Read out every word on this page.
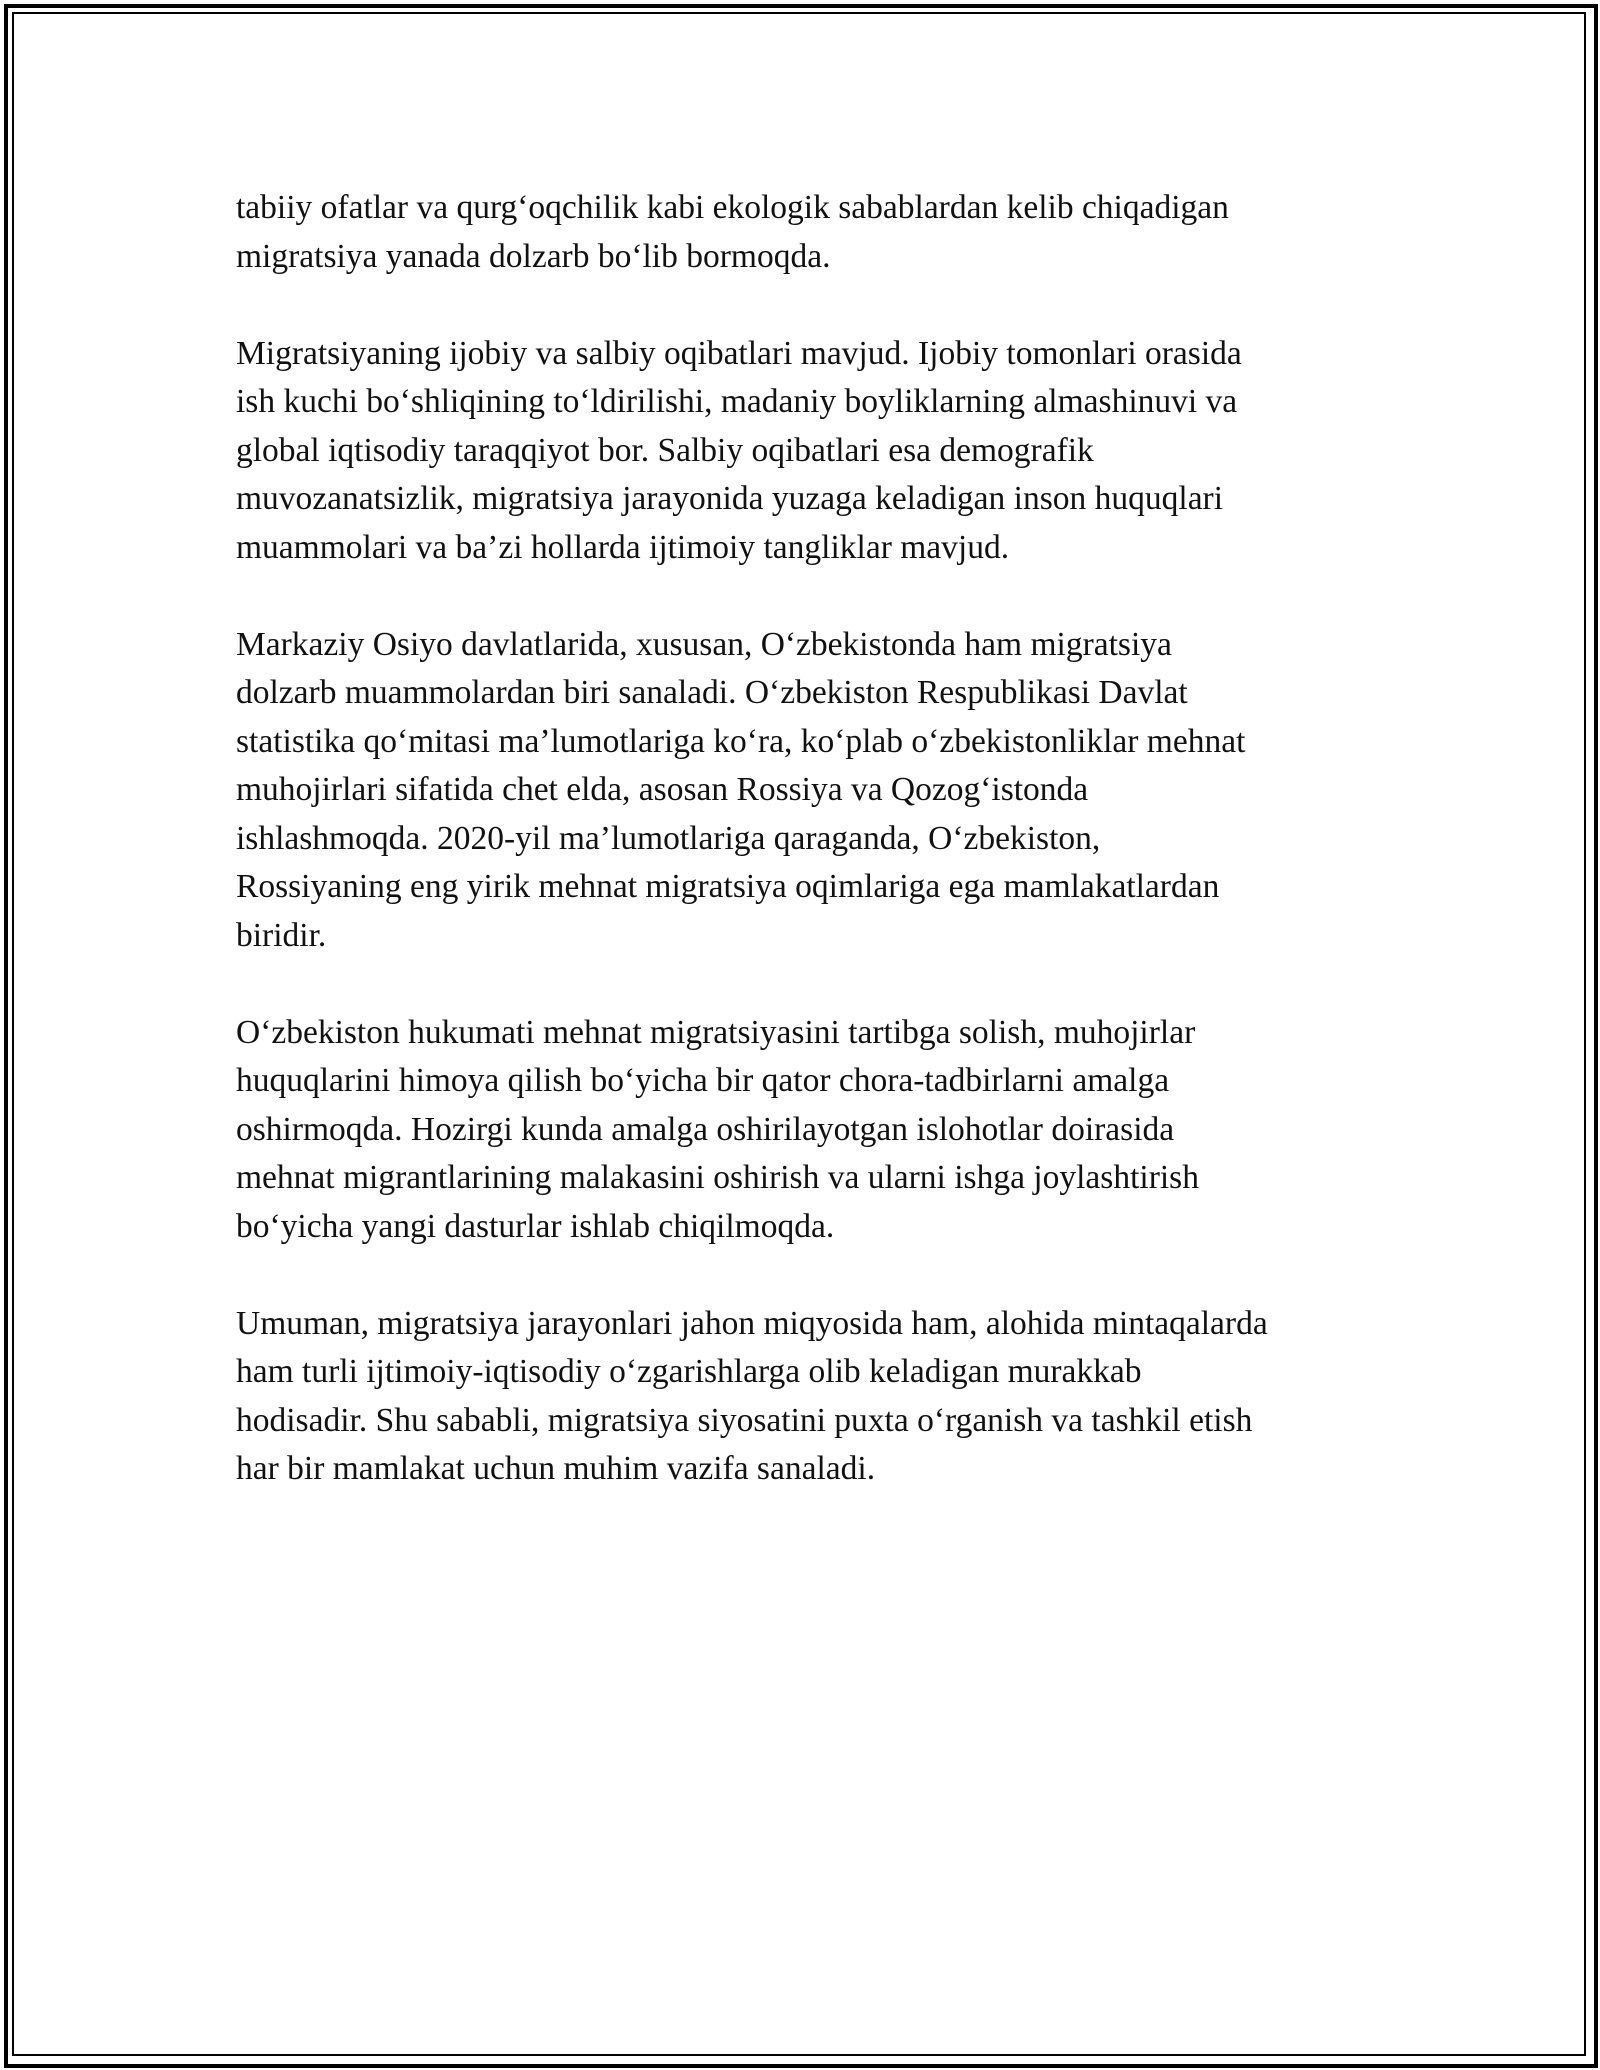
tabiiy ofatlar va qurg‘oqchilik kabi ekologik sabablardan kelib chiqadigan
migratsiya yanada dolzarb bo‘lib bormoqda.

Migratsiyaning ijobiy va salbiy oqibatlari mavjud. Ijobiy tomonlari orasida
ish kuchi bo‘shliqining to‘ldirilishi, madaniy boyliklarning almashinuvi va
global iqtisodiy taraqqiyot bor. Salbiy oqibatlari esa demografik
muvozanatsizlik, migratsiya jarayonida yuzaga keladigan inson huquqlari
muammolari va ba’zi hollarda ijtimoiy tangliklar mavjud.

Markaziy Osiyo davlatlarida, xususan, O‘zbekistonda ham migratsiya
dolzarb muammolardan biri sanaladi. O‘zbekiston Respublikasi Davlat
statistika qo‘mitasi ma’lumotlariga ko‘ra, ko‘plab o‘zbekistonliklar mehnat
muhojirlari sifatida chet elda, asosan Rossiya va Qozog‘istonda
ishlashmoqda. 2020-yil ma’lumotlariga qaraganda, O‘zbekiston,
Rossiyaning eng yirik mehnat migratsiya oqimlariga ega mamlakatlardan
biridir.

O‘zbekiston hukumati mehnat migratsiyasini tartibga solish, muhojirlar
huquqlarini himoya qilish bo‘yicha bir qator chora-tadbirlarni amalga
oshirmoqda. Hozirgi kunda amalga oshirilayotgan islohotlar doirasida
mehnat migrantlarining malakasini oshirish va ularni ishga joylashtirish
bo‘yicha yangi dasturlar ishlab chiqilmoqda.

Umuman, migratsiya jarayonlari jahon miqyosida ham, alohida mintaqalarda
ham turli ijtimoiy-iqtisodiy o‘zgarishlarga olib keladigan murakkab
hodisadir. Shu sababli, migratsiya siyosatini puxta o‘rganish va tashkil etish
har bir mamlakat uchun muhim vazifa sanaladi.
